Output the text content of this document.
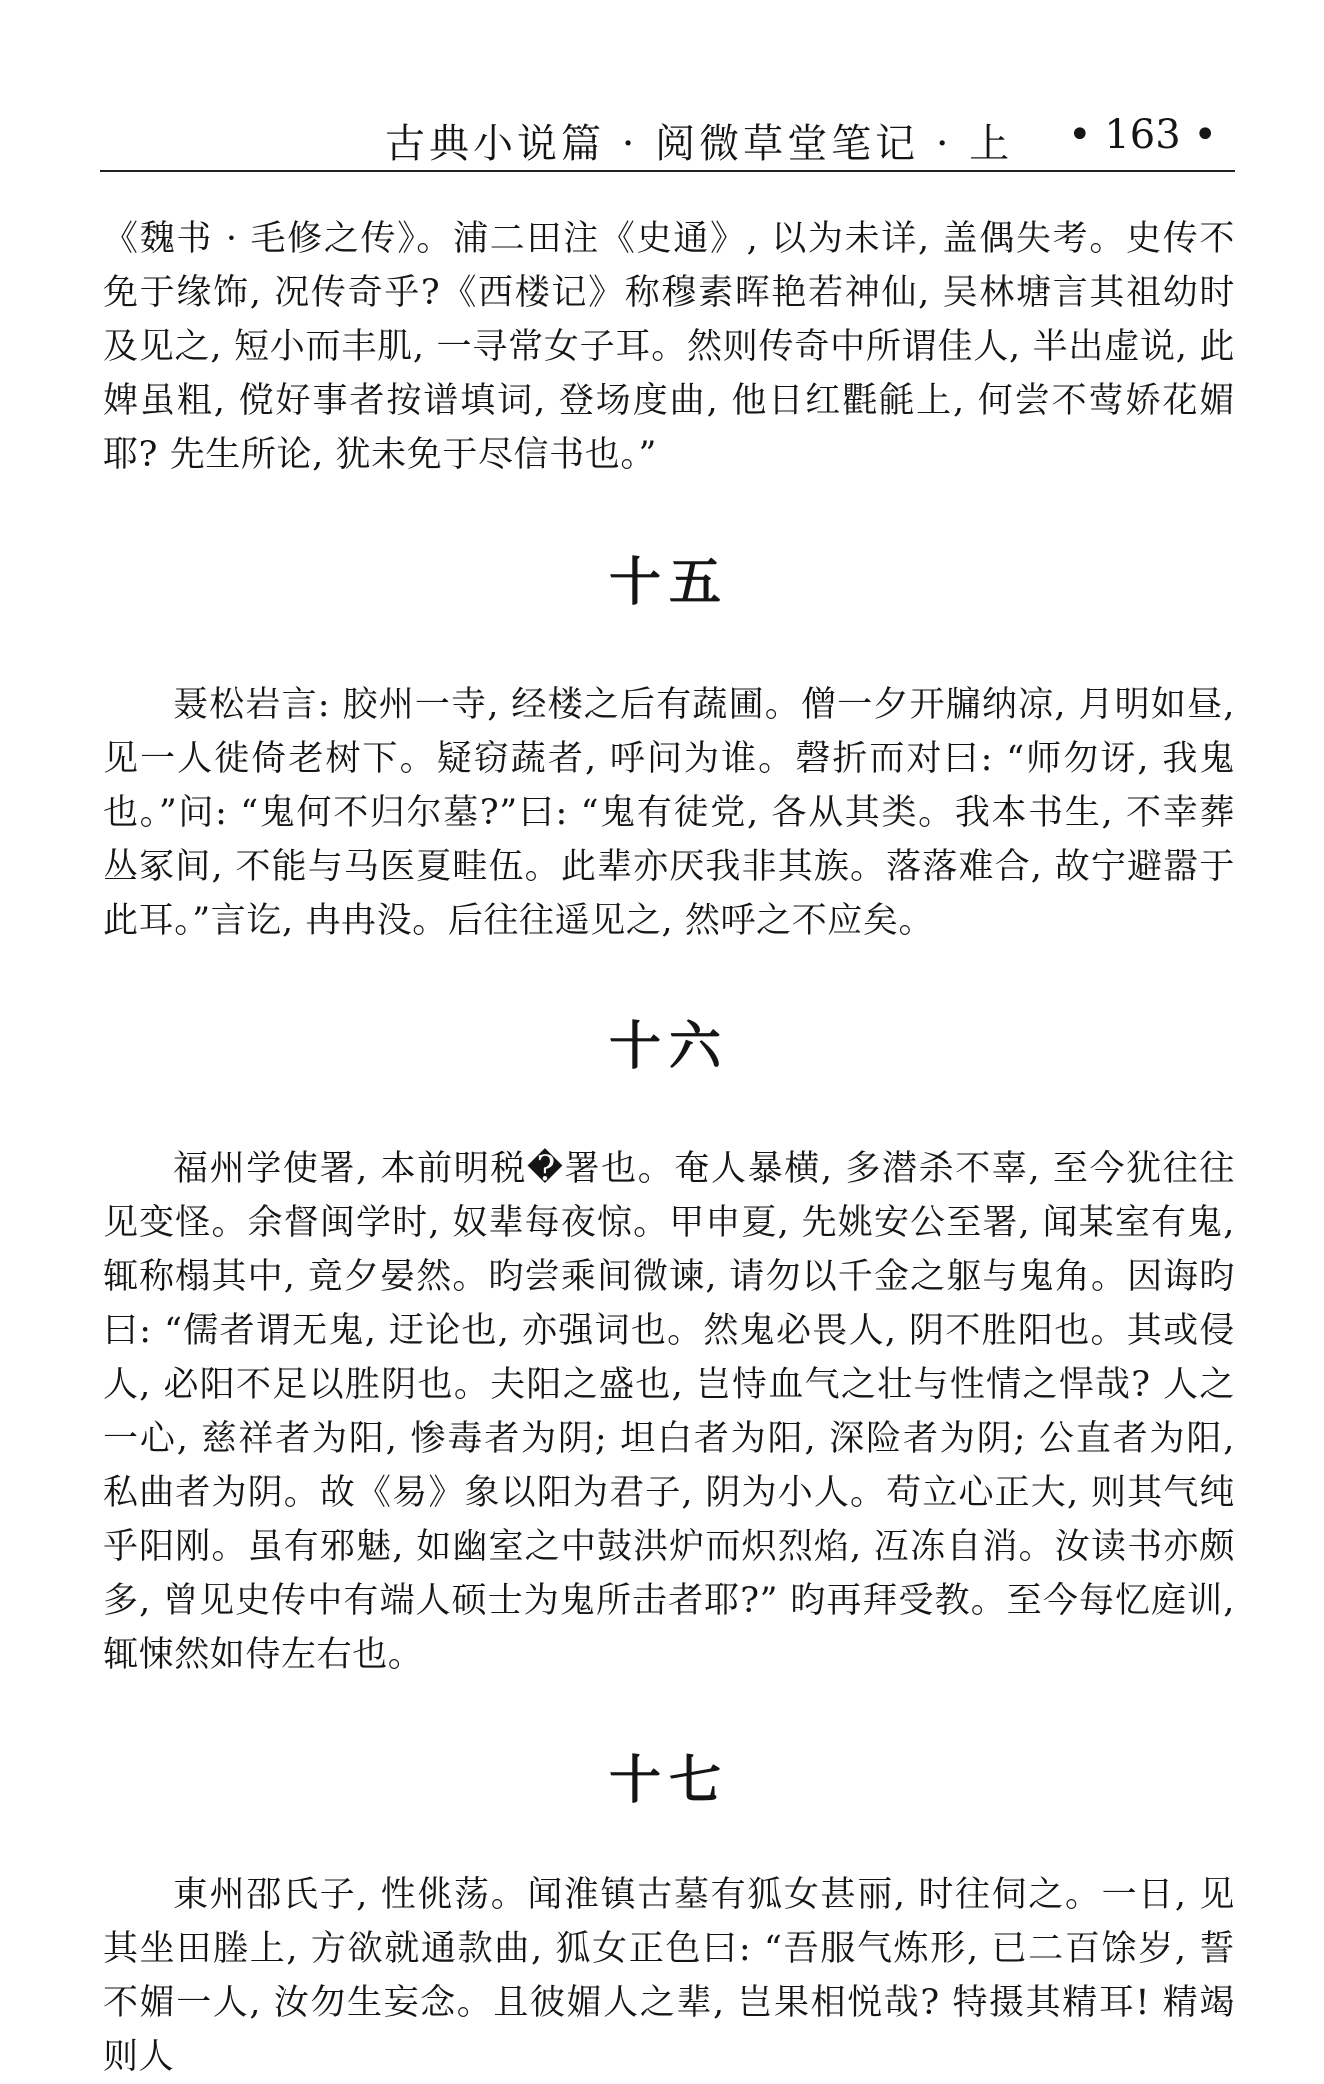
古典小说篇 · 阅微草堂笔记 · 上 • 163 •

《魏书 · 毛修之传》。浦二田注《史通》, 以为未详, 盖偶失考。史传不免于缘饰, 况传奇乎?《西楼记》称穆素晖艳若神仙, 吴林塘言其祖幼时及见之, 短小而丰肌, 一寻常女子耳。然则传奇中所谓佳人, 半出虚说, 此婢虽粗, 傥好事者按谱填词, 登场度曲, 他日红氍毹上, 何尝不莺娇花媚耶? 先生所论, 犹未免于尽信书也。”

十五

聂松岩言: 胶州一寺, 经楼之后有蔬圃。僧一夕开牖纳凉, 月明如昼, 见一人徙倚老树下。疑窃蔬者, 呼问为谁。磬折而对曰: “师勿讶, 我鬼也。”问: “鬼何不归尔墓?”曰: “鬼有徒党, 各从其类。我本书生, 不幸葬丛冢间, 不能与马医夏畦伍。此辈亦厌我非其族。落落难合, 故宁避嚣于此耳。”言讫, 冉冉没。后往往遥见之, 然呼之不应矣。

十六

福州学使署, 本前明税�署也。奄人暴横, 多潜杀不辜, 至今犹往往见变怪。余督闽学时, 奴辈每夜惊。甲申夏, 先姚安公至署, 闻某室有鬼, 辄称榻其中, 竟夕晏然。昀尝乘间微谏, 请勿以千金之躯与鬼角。因诲昀曰: “儒者谓无鬼, 迂论也, 亦强词也。然鬼必畏人, 阴不胜阳也。其或侵人, 必阳不足以胜阴也。夫阳之盛也, 岂恃血气之壮与性情之悍哉? 人之一心, 慈祥者为阳, 惨毒者为阴; 坦白者为阳, 深险者为阴; 公直者为阳, 私曲者为阴。故《易》象以阳为君子, 阴为小人。苟立心正大, 则其气纯乎阳刚。虽有邪魅, 如幽室之中鼓洪炉而炽烈焰, 冱冻自消。汝读书亦颇多, 曾见史传中有端人硕士为鬼所击者耶?” 昀再拜受教。至今每忆庭训, 辄悚然如侍左右也。

十七

東州邵氏子, 性佻荡。闻淮镇古墓有狐女甚丽, 时往伺之。一日, 见其坐田塍上, 方欲就通款曲, 狐女正色曰: “吾服气炼形, 已二百馀岁, 誓不媚一人, 汝勿生妄念。且彼媚人之辈, 岂果相悦哉? 特摄其精耳! 精竭则人
